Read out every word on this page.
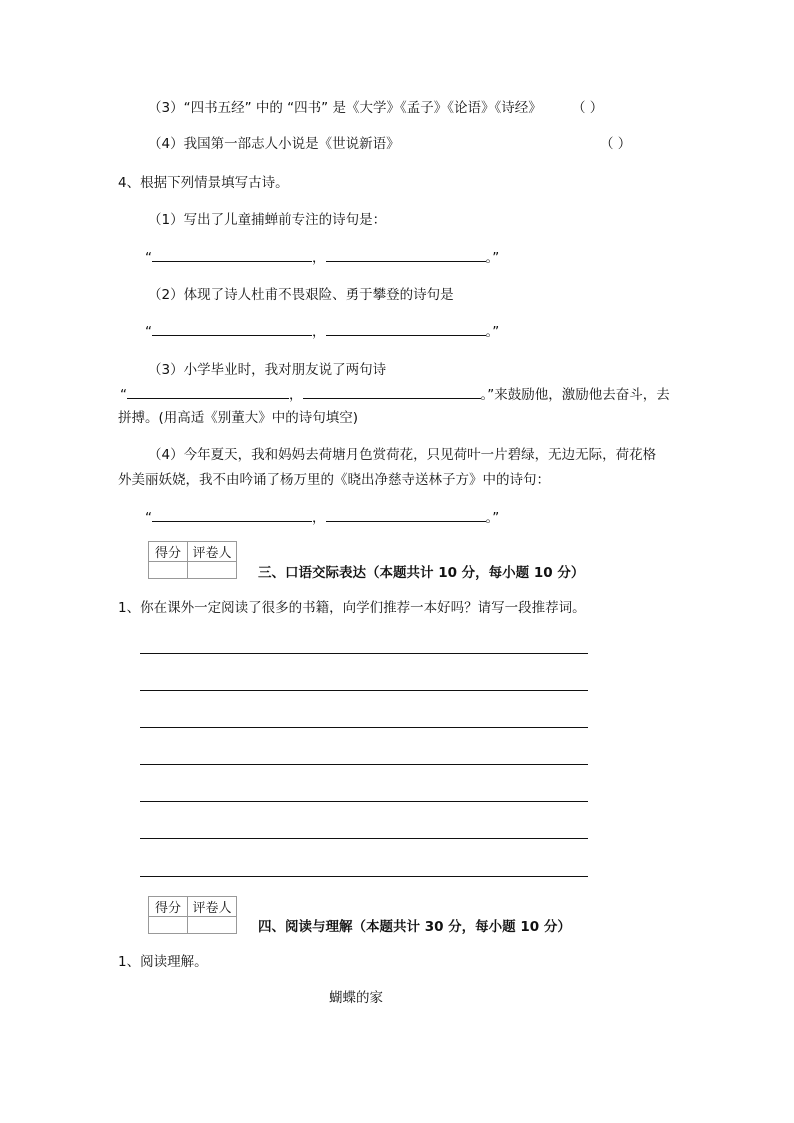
（3）“四书五经” 中的 “四书” 是《大学》《孟子》《论语》《诗经》 （ ）
（4）我国第一部志人小说是《世说新语》	（ ）
4、根据下列情景填写古诗。
（1）写出了儿童捕蝉前专注的诗句是：
“	，	。”
（2）体现了诗人杜甫不畏艰险、勇于攀登的诗句是
“	，	。”
（3）小学毕业时，我对朋友说了两句诗
“	，	。”来鼓励他，激励他去奋斗，去
拼搏。(用高适《别董大》中的诗句填空)
（4）今年夏天，我和妈妈去荷塘月色赏荷花，只见荷叶一片碧绿，无边无际，荷花格
外美丽妖娆，我不由吟诵了杨万里的《晓出净慈寺送林子方》中的诗句：
“	，	。”
得分	评卷人

三、口语交际表达（本题共计 10 分，每小题 10 分）
1、你在课外一定阅读了很多的书籍，向学们推荐一本好吗？请写一段推荐词。
得分	评卷人

四、阅读与理解（本题共计 30 分，每小题 10 分）
1、阅读理解。
蝴蝶的家
